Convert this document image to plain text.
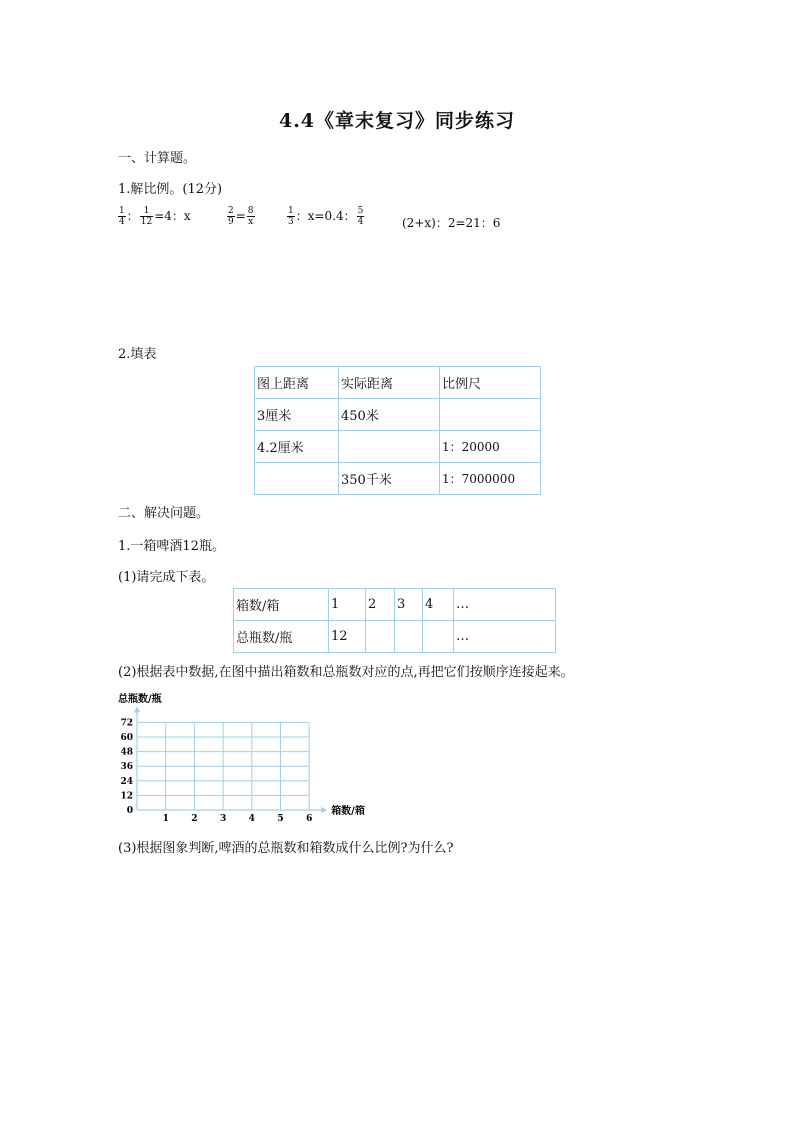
4.4《章末复习》同步练习
一、计算题。
1.解比例。(12分)
$\frac{1}{4}$ ： $\frac{1}{12} =4$：x	$\frac{2}{9} = \frac{8}{x}$	$\frac{1}{3}$ ：x=0.4： $\frac{5}{4}$	(2+x)：2=21：6
2.填表
图上距离	实际距离	比例尺
3厘米	450米	
4.2厘米		1：20000
	350千米	1：7000000
二、解决问题。
1.一箱啤酒12瓶。
(1)请完成下表。
箱数/箱	1	2	3	4	…
总瓶数/瓶	12				…
(2)根据表中数据,在图中描出箱数和总瓶数对应的点,再把它们按顺序连接起来。
1 2 3 4 5 6
12
24
36
48
60
72
0
总瓶数/瓶
箱数/箱
(3)根据图象判断,啤酒的总瓶数和箱数成什么比例?为什么?
